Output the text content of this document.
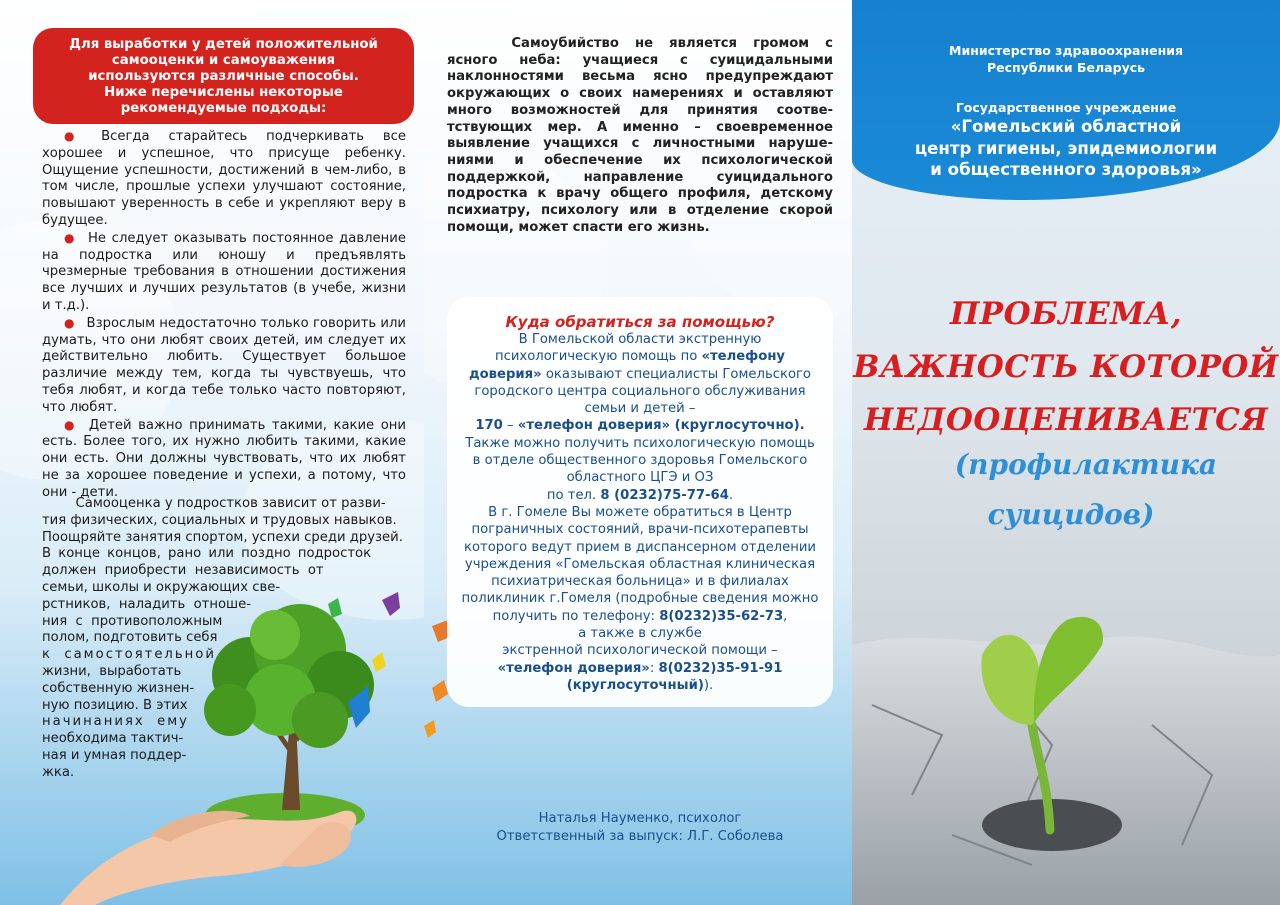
Для выработки у детей положительной
самооценки и самоуважения
используются различные способы.
Ниже перечислены некоторые
рекомендуемые подходы:

● Всегда старайтесь подчеркивать все хорошее и успешное, что присуще ребенку. Ощущение успешности, достижений в чем-либо, в том числе, прошлые успехи улучшают состояние, повышают уверенность в себе и укрепляют веру в будущее.

● Не следует оказывать постоянное давление на подростка или юношу и предъявлять чрезмерные требования в отношении достижения все лучших и лучших результатов (в учебе, жизни и т.д.).

● Взрослым недостаточно только говорить или думать, что они любят своих детей, им следует их действительно любить. Существует большое различие между тем, когда ты чувствуешь, что тебя любят, и когда тебе только часто повторяют, что любят.

● Детей важно принимать такими, какие они есть. Более того, их нужно любить такими, какие они есть. Они должны чувствовать, что их любят не за хорошее поведение и успехи, а потому, что они - дети.

Самооценка у подростков зависит от разви-
тия физических, социальных и трудовых навыков.
Поощряйте занятия спортом, успехи среди друзей.
В конце концов, рано или поздно подросток
должен  приобрести  независимость  от
семьи, школы и окружающих све-
рстников,  наладить  отноше-
ния  с  противоположным
полом, подготовить себя
к  самостоятельной
жизни,  выработать
собственную жизнен-
ную позицию. В этих
начинаниях  ему
необходима тактич-
ная и умная поддер-
жка.
Самоубийство  не  является  громом  с
ясного неба: учащиеся с суицидальными
наклонностями весьма ясно предупреждают
окружающих о своих намерениях и оставляют
много возможностей для принятия соотве-
тствующих мер. А именно – своевременное
выявление учащихся с личностными наруше-
ниями и обеспечение их психологической
поддержкой, направление суицидального
подростка к врачу общего профиля, детскому
психиатру, психологу или в отделение скорой
помощи, может спасти его жизнь.
Куда обратиться за помощью?
В Гомельской области экстренную
психологическую помощь по «телефону
доверия» оказывают специалисты Гомельского
городского центра социального обслуживания
семьи и детей –
170 – «телефон доверия» (круглосуточно).
Также можно получить психологическую помощь
в отделе общественного здоровья Гомельского
областного ЦГЭ и ОЗ
по тел. 8 (0232)75-77-64.
В г. Гомеле Вы можете обратиться в Центр
пограничных состояний, врачи-психотерапевты
которого ведут прием в диспансерном отделении
учреждения «Гомельская областная клиническая
психиатрическая больница» и в филиалах
поликлиник г.Гомеля (подробные сведения можно
получить по телефону: 8(0232)35-62-73,
а также в службе
экстренной психологической помощи –
«телефон доверия»: 8(0232)35-91-91
(круглосуточный)).
Наталья Науменко, психолог
Ответственный за выпуск: Л.Г. Соболева
Министерство здравоохранения
Республики Беларусь
Государственное учреждение
«Гомельский областной
центр гигиены, эпидемиологии
и общественного здоровья»
ПРОБЛЕМА,
ВАЖНОСТЬ КОТОРОЙ
НЕДООЦЕНИВАЕТСЯ
(профилактика
суицидов)
